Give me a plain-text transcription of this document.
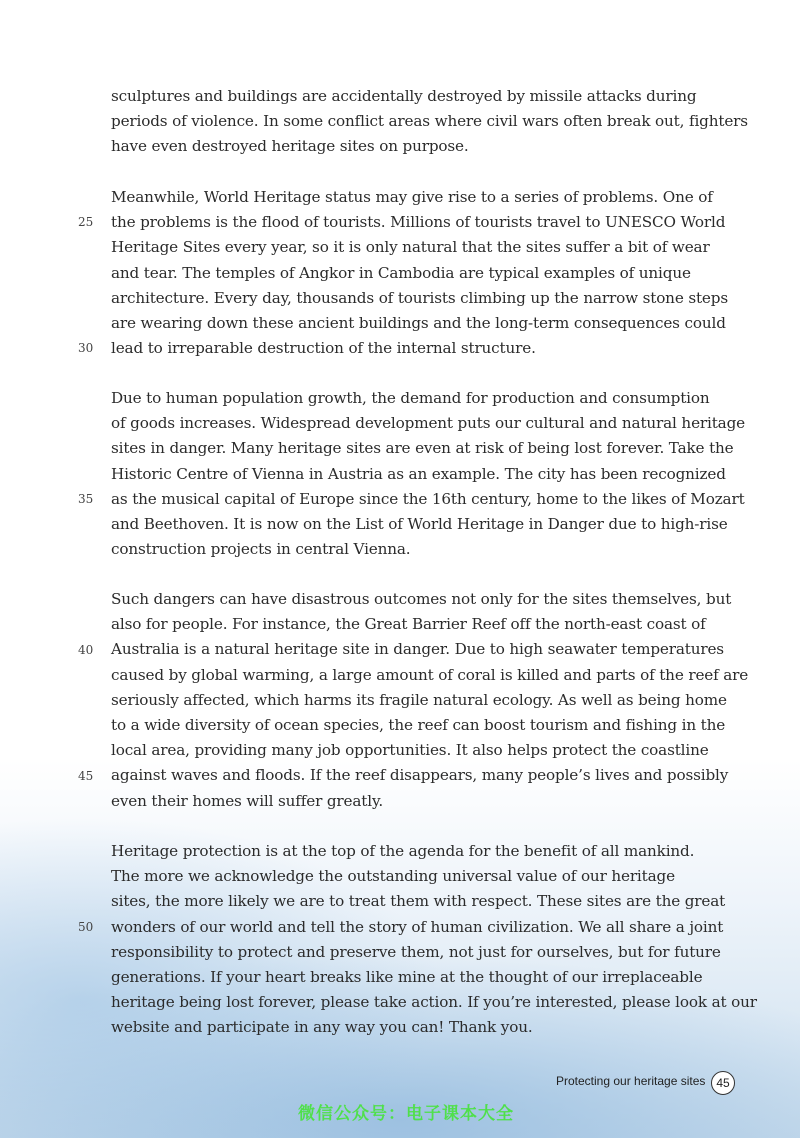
sculptures and buildings are accidentally destroyed by missile attacks during
periods of violence. In some conflict areas where civil wars often break out, fighters
have even destroyed heritage sites on purpose.
Meanwhile, World Heritage status may give rise to a series of problems. One of
the problems is the flood of tourists. Millions of tourists travel to UNESCO World
Heritage Sites every year, so it is only natural that the sites suffer a bit of wear
and tear. The temples of Angkor in Cambodia are typical examples of unique
architecture. Every day, thousands of tourists climbing up the narrow stone steps
are wearing down these ancient buildings and the long-term consequences could
lead to irreparable destruction of the internal structure.
Due to human population growth, the demand for production and consumption
of goods increases. Widespread development puts our cultural and natural heritage
sites in danger. Many heritage sites are even at risk of being lost forever. Take the
Historic Centre of Vienna in Austria as an example. The city has been recognized
as the musical capital of Europe since the 16th century, home to the likes of Mozart
and Beethoven. It is now on the List of World Heritage in Danger due to high-rise
construction projects in central Vienna.
Such dangers can have disastrous outcomes not only for the sites themselves, but
also for people. For instance, the Great Barrier Reef off the north-east coast of
Australia is a natural heritage site in danger. Due to high seawater temperatures
caused by global warming, a large amount of coral is killed and parts of the reef are
seriously affected, which harms its fragile natural ecology. As well as being home
to a wide diversity of ocean species, the reef can boost tourism and fishing in the
local area, providing many job opportunities. It also helps protect the coastline
against waves and floods. If the reef disappears, many people’s lives and possibly
even their homes will suffer greatly.
Heritage protection is at the top of the agenda for the benefit of all mankind.
The more we acknowledge the outstanding universal value of our heritage
sites, the more likely we are to treat them with respect. These sites are the great
wonders of our world and tell the story of human civilization. We all share a joint
responsibility to protect and preserve them, not just for ourselves, but for future
generations. If your heart breaks like mine at the thought of our irreplaceable
heritage being lost forever, please take action. If you’re interested, please look at our
website and participate in any way you can! Thank you.
25
30
35
40
45
50
Protecting our heritage sites 45
微信公众号：电子课本大全
